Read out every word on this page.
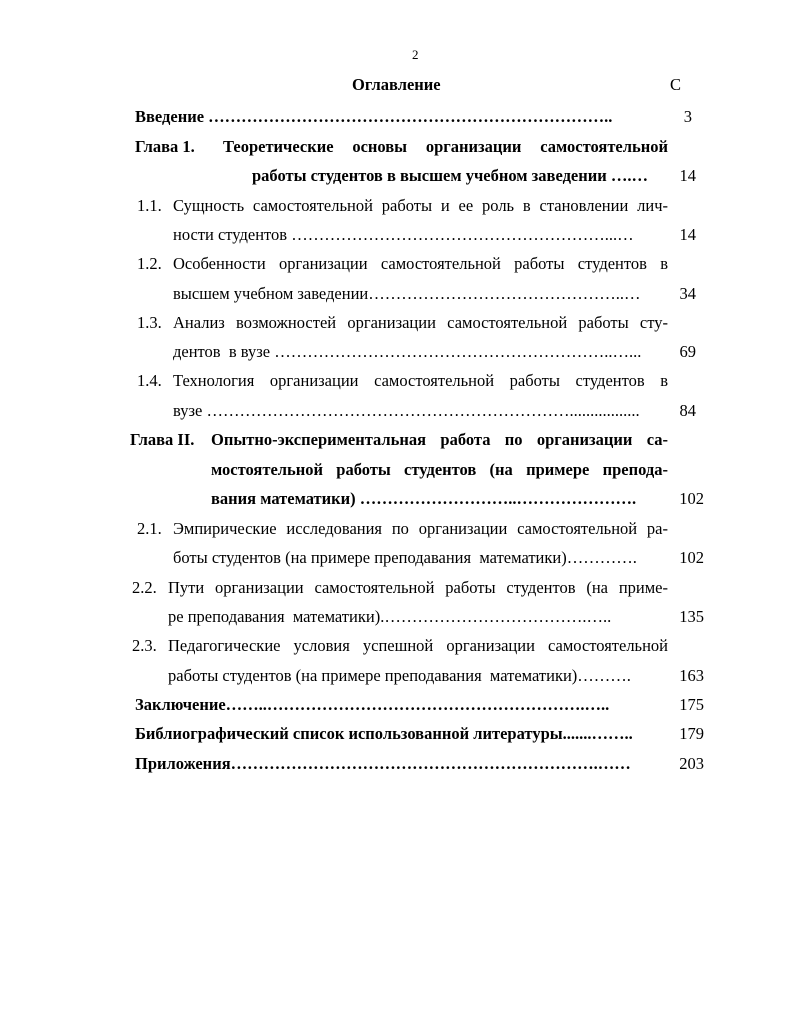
2
Оглавление	С
Введение ………………………………………………………………..	3
Глава 1. Теоретические основы организации самостоятельной
работы студентов в высшем учебном заведении ….…	14
1.1. Сущность самостоятельной работы и ее роль в становлении лич-
ности студентов …………………………………………………...…	14
1.2. Особенности организации самостоятельной работы студентов в
высшем учебном заведении………………………………………..…	34
1.3. Анализ возможностей организации самостоятельной работы сту-
дентов  в вузе ……………………………………………………..…...	69
1.4. Технология организации самостоятельной работы студентов в
вузе ………………………………………………………….................	84
Глава II. Опытно-экспериментальная работа по организации са-
мостоятельной работы студентов (на примере препода-
вания математики) ………………………..………………….	102
2.1. Эмпирические исследования по организации самостоятельной ра-
боты студентов (на примере преподавания  математики)………….	102
2.2. Пути организации самостоятельной работы студентов (на приме-
ре преподавания  математики).……………………………….…..	135
2.3. Педагогические условия успешной организации самостоятельной
работы студентов (на примере преподавания  математики)……….	163
Заключение……..………………………………………………….…..	175
Библиографический список использованной литературы.......……..	179
Приложения………………………………………………………….……	203
